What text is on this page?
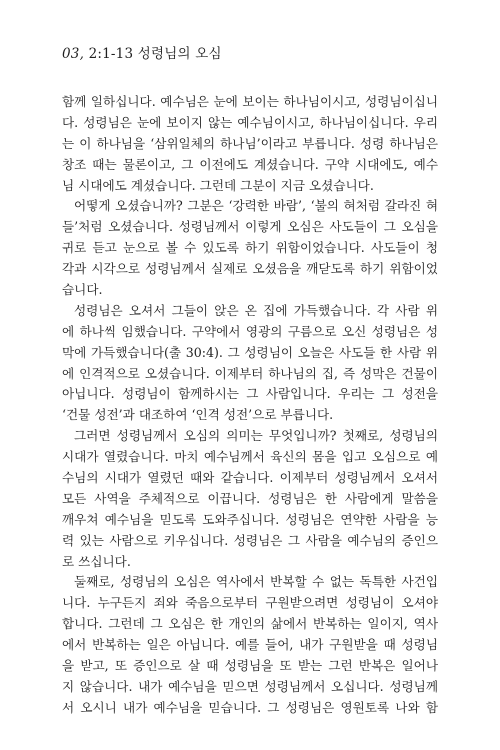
03, 2:1-13 성령님의 오심
함께 일하십니다. 예수님은 눈에 보이는 하나님이시고, 성령님이십니
다. 성령님은 눈에 보이지 않는 예수님이시고, 하나님이십니다. 우리
는 이 하나님을 ‘삼위일체의 하나님’이라고 부릅니다. 성령 하나님은
창조 때는 물론이고, 그 이전에도 계셨습니다. 구약 시대에도, 예수
님 시대에도 계셨습니다. 그런데 그분이 지금 오셨습니다.
어떻게 오셨습니까? 그분은 ‘강력한 바람’, ‘불의 혀처럼 갈라진 혀
들’처럼 오셨습니다. 성령님께서 이렇게 오심은 사도들이 그 오심을
귀로 듣고 눈으로 볼 수 있도록 하기 위함이었습니다. 사도들이 청
각과 시각으로 성령님께서 실제로 오셨음을 깨닫도록 하기 위함이었
습니다.
성령님은 오셔서 그들이 앉은 온 집에 가득했습니다. 각 사람 위
에 하나씩 임했습니다. 구약에서 영광의 구름으로 오신 성령님은 성
막에 가득했습니다(출 30:4). 그 성령님이 오늘은 사도들 한 사람 위
에 인격적으로 오셨습니다. 이제부터 하나님의 집, 즉 성막은 건물이
아닙니다. 성령님이 함께하시는 그 사람입니다. 우리는 그 성전을
‘건물 성전’과 대조하여 ‘인격 성전’으로 부릅니다.
그러면 성령님께서 오심의 의미는 무엇입니까? 첫째로, 성령님의
시대가 열렸습니다. 마치 예수님께서 육신의 몸을 입고 오심으로 예
수님의 시대가 열렸던 때와 같습니다. 이제부터 성령님께서 오셔서
모든 사역을 주체적으로 이끕니다. 성령님은 한 사람에게 말씀을
깨우쳐 예수님을 믿도록 도와주십니다. 성령님은 연약한 사람을 능
력 있는 사람으로 키우십니다. 성령님은 그 사람을 예수님의 증인으
로 쓰십니다.
둘째로, 성령님의 오심은 역사에서 반복할 수 없는 독특한 사건입
니다. 누구든지 죄와 죽음으로부터 구원받으려면 성령님이 오셔야
합니다. 그런데 그 오심은 한 개인의 삶에서 반복하는 일이지, 역사
에서 반복하는 일은 아닙니다. 예를 들어, 내가 구원받을 때 성령님
을 받고, 또 증인으로 살 때 성령님을 또 받는 그런 반복은 일어나
지 않습니다. 내가 예수님을 믿으면 성령님께서 오십니다. 성령님께
서 오시니 내가 예수님을 믿습니다. 그 성령님은 영원토록 나와 함
